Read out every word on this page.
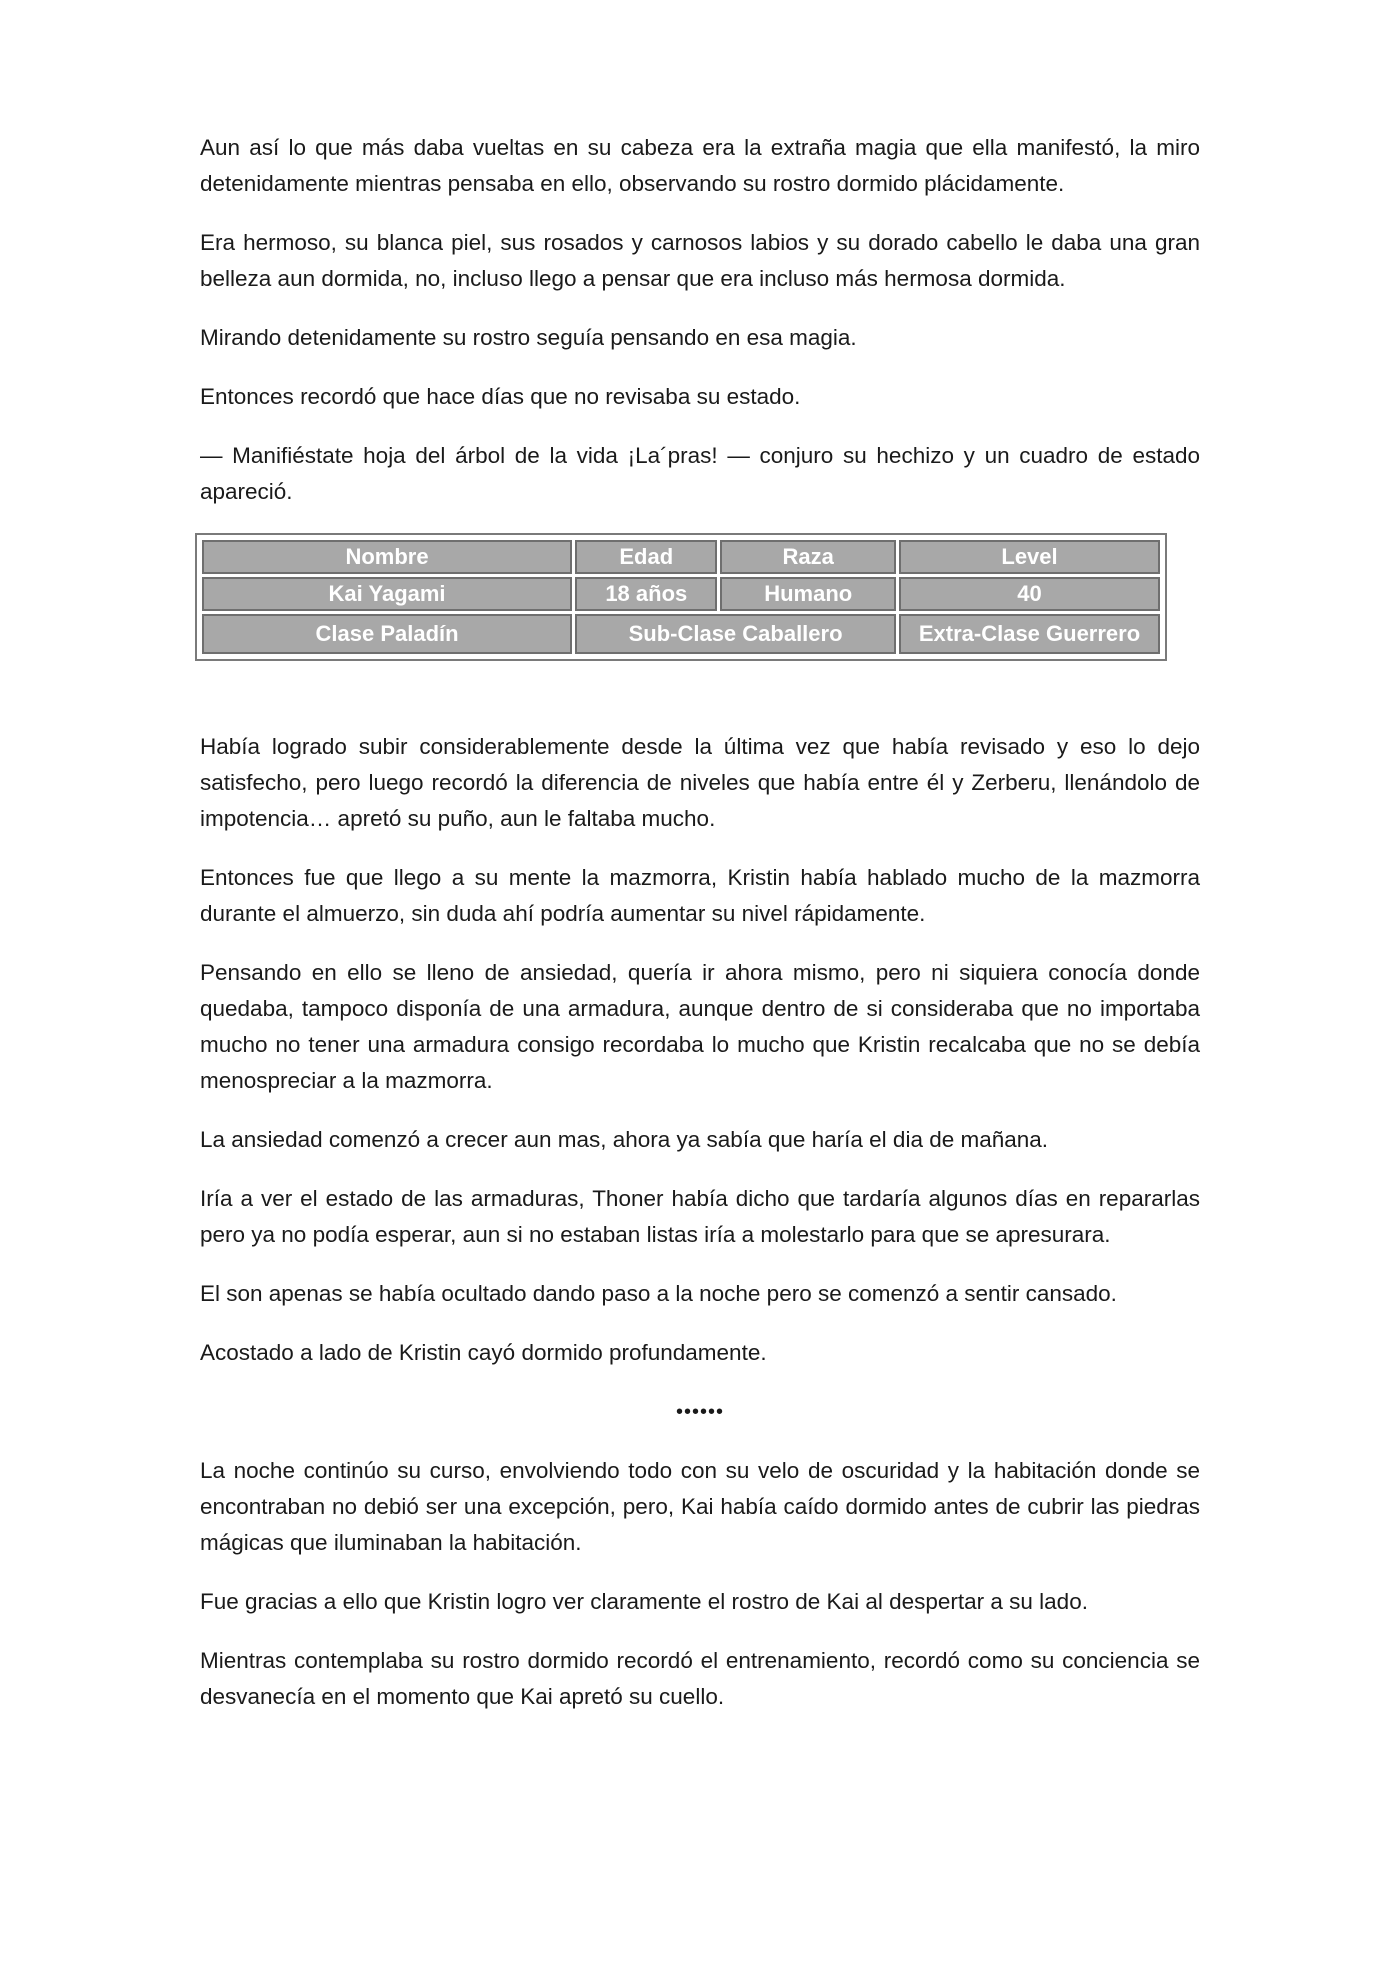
Aun así lo que más daba vueltas en su cabeza era la extraña magia que ella manifestó, la miro detenidamente mientras pensaba en ello, observando su rostro dormido plácidamente.

Era hermoso, su blanca piel, sus rosados y carnosos labios y su dorado cabello le daba una gran belleza aun dormida, no, incluso llego a pensar que era incluso más hermosa dormida.

Mirando detenidamente su rostro seguía pensando en esa magia.

Entonces recordó que hace días que no revisaba su estado.

— Manifiéstate hoja del árbol de la vida ¡La´pras! — conjuro su hechizo y un cuadro de estado apareció.

Nombre	Edad	Raza	Level
Kai Yagami	18 años	Humano	40
Clase Paladín	Sub-Clase Caballero		Extra-Clase Guerrero

Había logrado subir considerablemente desde la última vez que había revisado y eso lo dejo satisfecho, pero luego recordó la diferencia de niveles que había entre él y Zerberu, llenándolo de impotencia… apretó su puño, aun le faltaba mucho.

Entonces fue que llego a su mente la mazmorra, Kristin había hablado mucho de la mazmorra durante el almuerzo, sin duda ahí podría aumentar su nivel rápidamente.

Pensando en ello se lleno de ansiedad, quería ir ahora mismo, pero ni siquiera conocía donde quedaba, tampoco disponía de una armadura, aunque dentro de si consideraba que no importaba mucho no tener una armadura consigo recordaba lo mucho que Kristin recalcaba que no se debía menospreciar a la mazmorra.

La ansiedad comenzó a crecer aun mas, ahora ya sabía que haría el dia de mañana.

Iría a ver el estado de las armaduras, Thoner había dicho que tardaría algunos días en repararlas pero ya no podía esperar, aun si no estaban listas iría a molestarlo para que se apresurara.

El son apenas se había ocultado dando paso a la noche pero se comenzó a sentir cansado.

Acostado a lado de Kristin cayó dormido profundamente.

••••••

La noche continúo su curso, envolviendo todo con su velo de oscuridad y la habitación donde se encontraban no debió ser una excepción, pero, Kai había caído dormido antes de cubrir las piedras mágicas que iluminaban la habitación.

Fue gracias a ello que Kristin logro ver claramente el rostro de Kai al despertar a su lado.

Mientras contemplaba su rostro dormido recordó el entrenamiento, recordó como su conciencia se desvanecía en el momento que Kai apretó su cuello.
